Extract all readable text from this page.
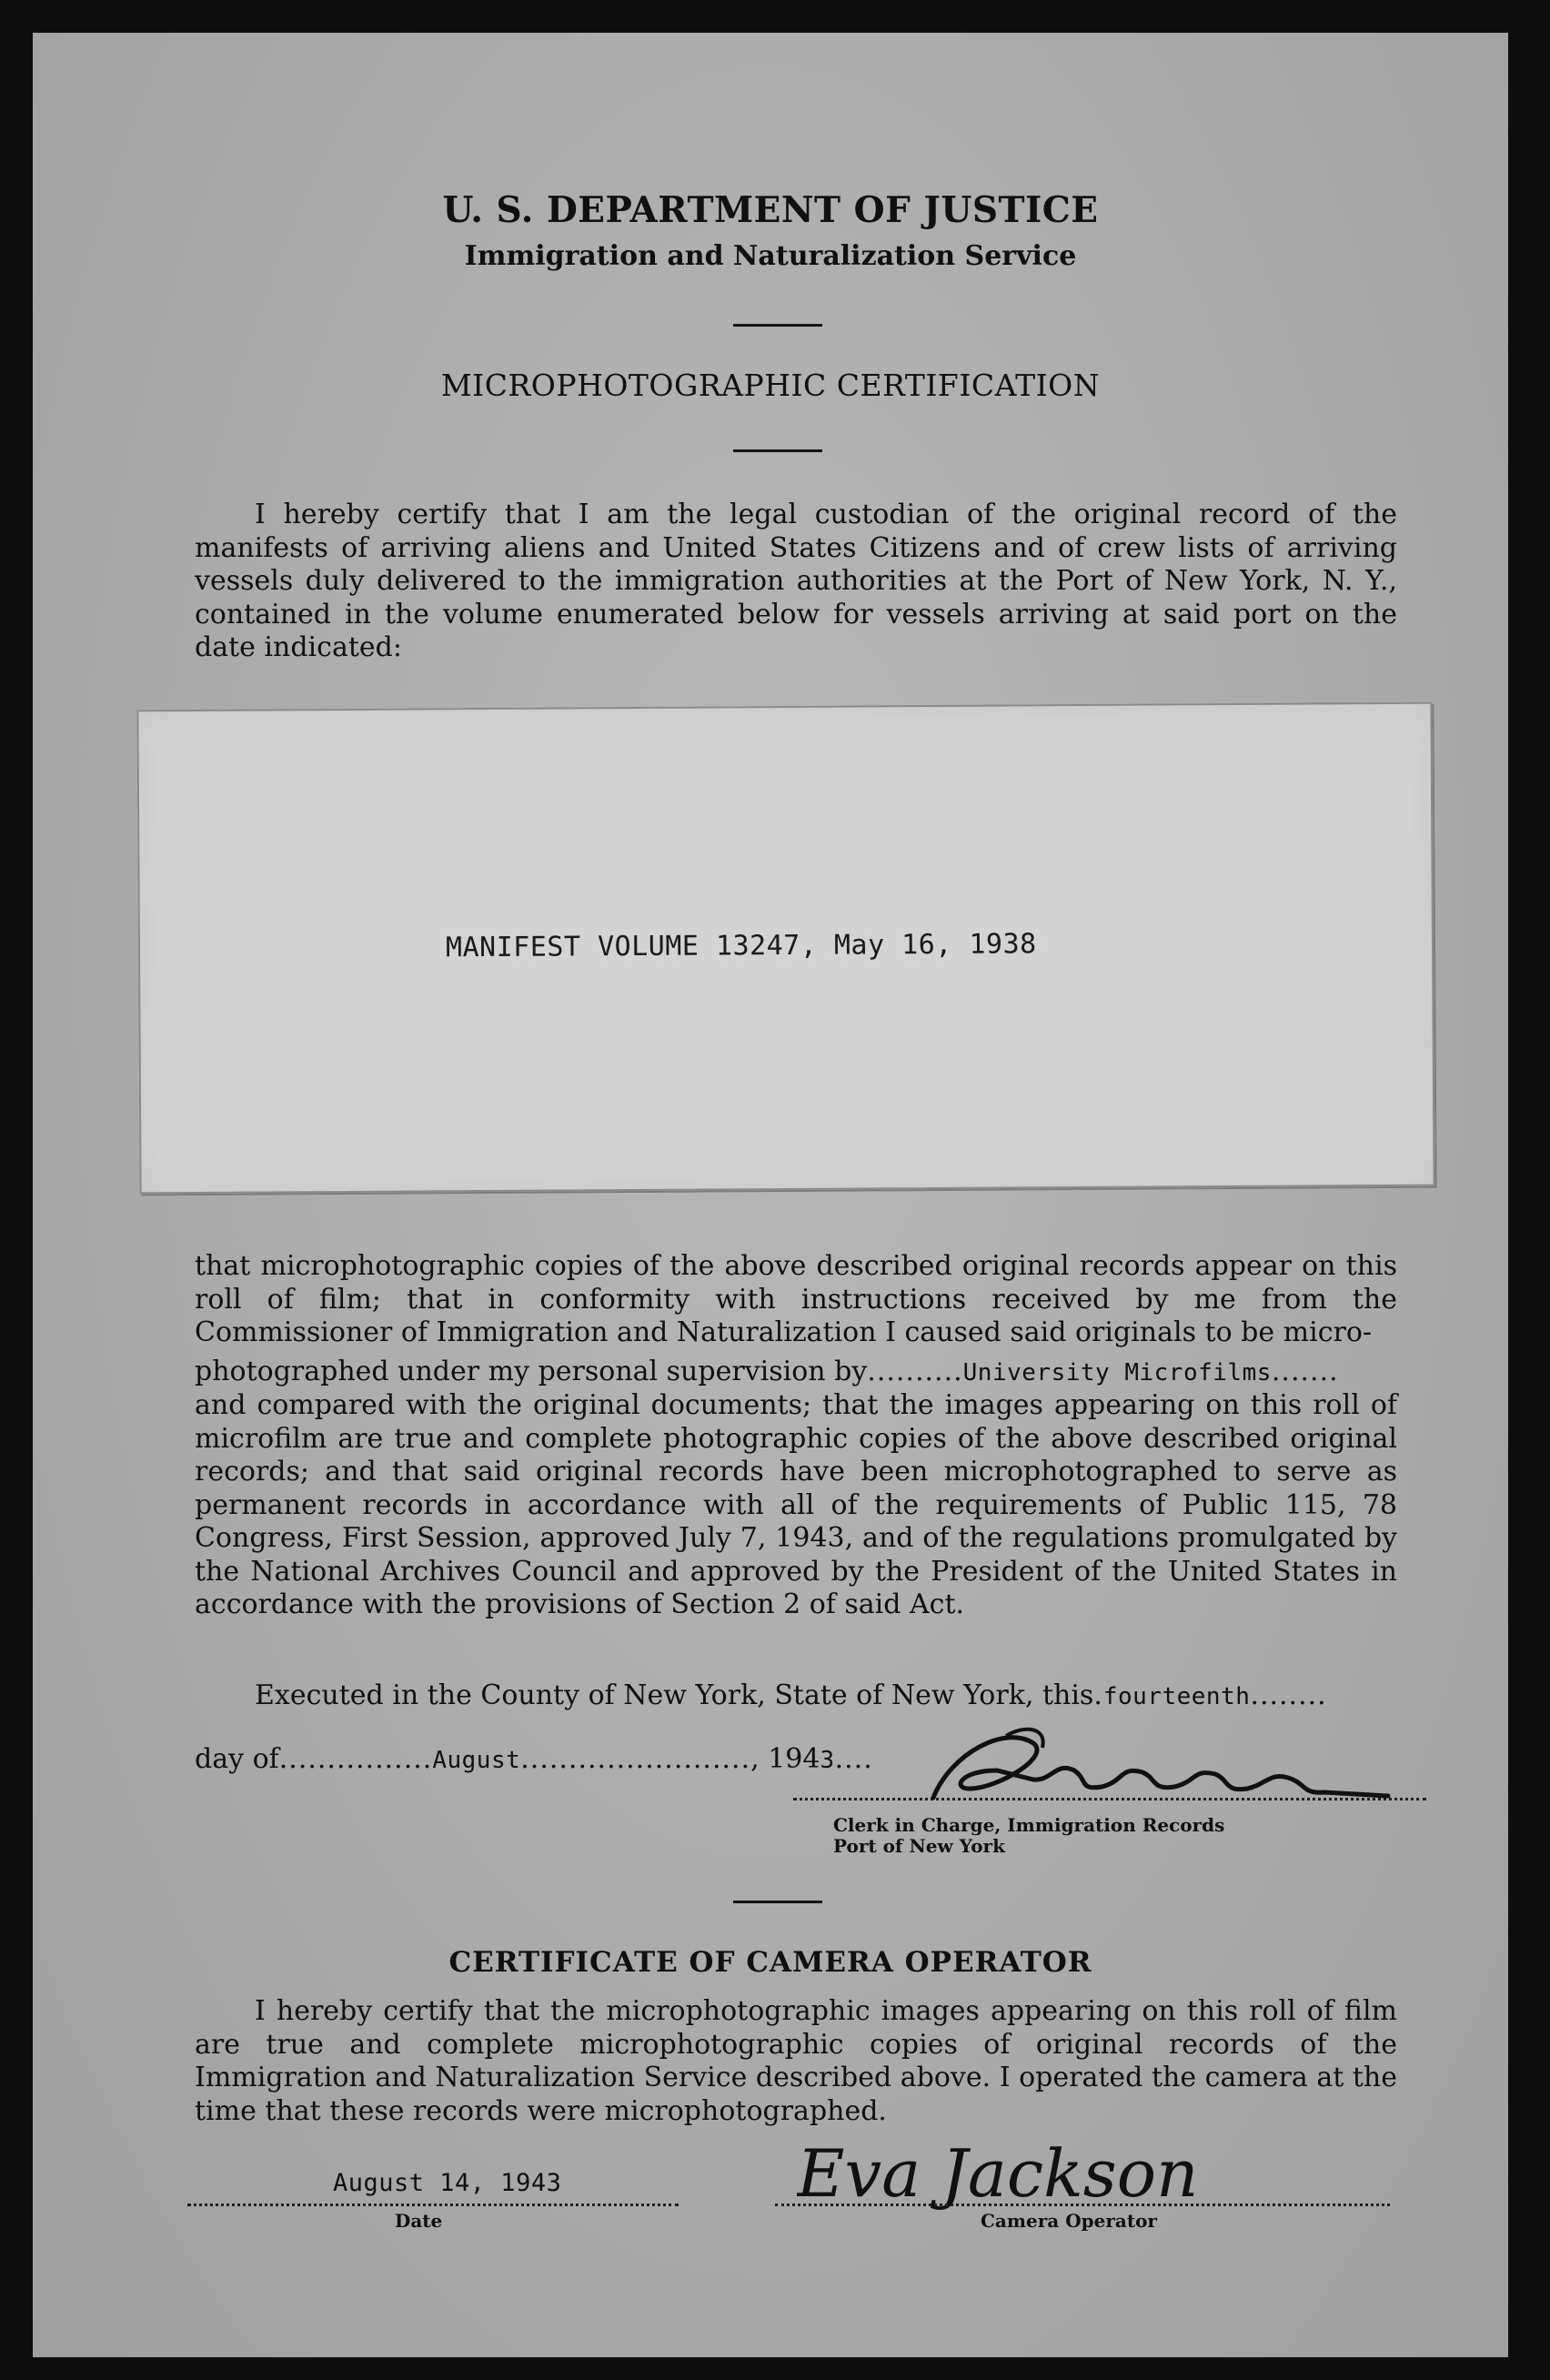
U. S. DEPARTMENT OF JUSTICE
Immigration and Naturalization Service
MICROPHOTOGRAPHIC CERTIFICATION
I hereby certify that I am the legal custodian of the original record of the manifests of arriving aliens and United States Citizens and of crew lists of arriving vessels duly delivered to the immigration authorities at the Port of New York, N. Y., contained in the volume enumerated below for vessels arriving at said port on the date indicated:
MANIFEST VOLUME 13247, May 16, 1938
that microphotographic copies of the above described original records appear on this roll of film; that in conformity with instructions received by me from the Commissioner of Immigration and Naturalization I caused said originals to be micro-
photographed under my personal supervision by..........University Microfilms.......
and compared with the original documents; that the images appearing on this roll of microfilm are true and complete photographic copies of the above described original records; and that said original records have been microphotographed to serve as permanent records in accordance with all of the requirements of Public 115, 78 Congress, First Session, approved July 7, 1943, and of the regulations promulgated by the National Archives Council and approved by the President of the United States in accordance with the provisions of Section 2 of said Act.
Executed in the County of New York, State of New York, this.fourteenth........
day of................August........................, 1943....
Clerk in Charge, Immigration Records
Port of New York
CERTIFICATE OF CAMERA OPERATOR
I hereby certify that the microphotographic images appearing on this roll of film are true and complete microphotographic copies of original records of the Immigration and Naturalization Service described above. I operated the camera at the time that these records were microphotographed.
August 14, 1943
Date
Eva Jackson
Camera Operator
